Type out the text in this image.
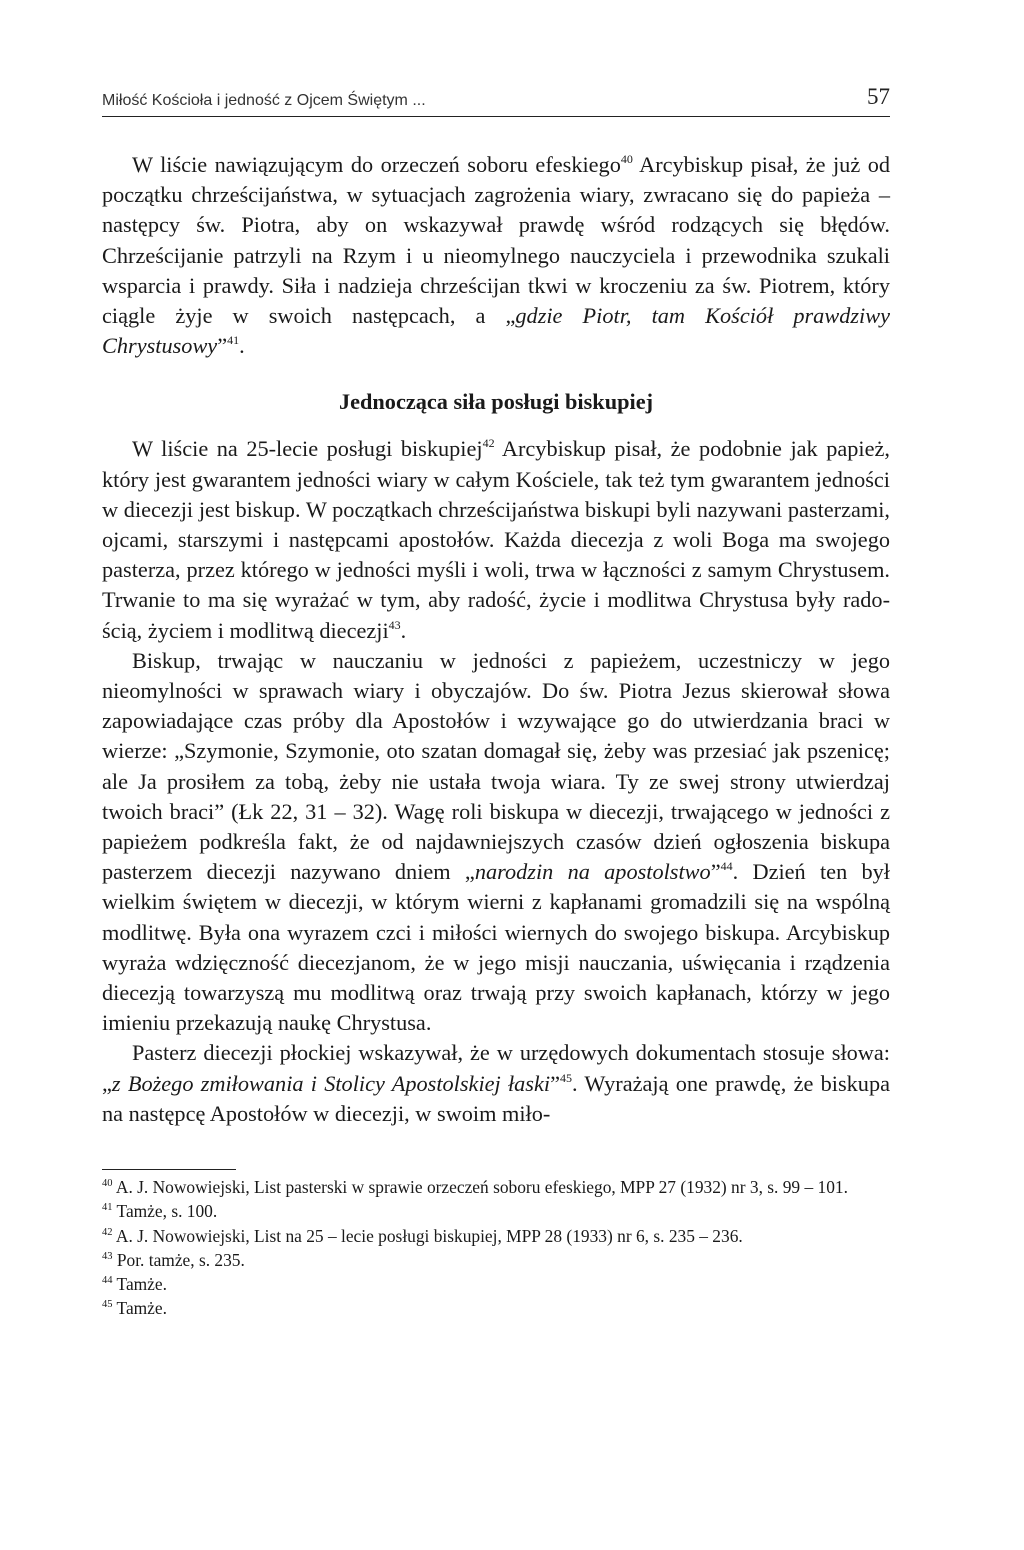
Miłość Kościoła i jedność z Ojcem Świętym ...	57

W liście nawiązującym do orzeczeń soboru efeskiego$^{40}$ Arcybiskup pisał, że już od początku chrześcijaństwa, w sytuacjach zagrożenia wiary, zwracano się do papieża – następcy św. Piotra, aby on wskazywał prawdę wśród rodzących się błędów. Chrześcijanie patrzyli na Rzym i u nieomylnego nauczyciela i przewodnika szukali wsparcia i prawdy. Siła i nadzieja chrześcijan tkwi w kroczeniu za św. Piotrem, który ciągle żyje w swoich następcach, a „gdzie Piotr, tam Kościół prawdziwy Chrystusowy”$^{41}$.

Jednocząca siła posługi biskupiej

W liście na 25-lecie posługi biskupiej$^{42}$ Arcybiskup pisał, że podobnie jak papież, który jest gwarantem jedności wiary w całym Kościele, tak też tym gwarantem jedności w diecezji jest biskup. W początkach chrześcijaństwa biskupi byli nazywani pasterzami, ojcami, starszymi i następcami apostołów. Każda diecezja z woli Boga ma swojego pasterza, przez którego w jedności myśli i woli, trwa w łączności z samym Chrystusem. Trwanie to ma się wyrażać w tym, aby radość, życie i modlitwa Chrystusa były radością, życiem i modlitwą diecezji$^{43}$.

Biskup, trwając w nauczaniu w jedności z papieżem, uczestniczy w jego nieomylności w sprawach wiary i obyczajów. Do św. Piotra Jezus skierował słowa zapowiadające czas próby dla Apostołów i wzywające go do utwierdzania braci w wierze: „Szymonie, Szymonie, oto szatan domagał się, żeby was przesiać jak pszenicę; ale Ja prosiłem za tobą, żeby nie ustała twoja wiara. Ty ze swej strony utwierdzaj twoich braci” (Łk 22, 31 – 32). Wagę roli biskupa w diecezji, trwającego w jedności z papieżem podkreśla fakt, że od najdawniejszych czasów dzień ogłoszenia biskupa pasterzem diecezji nazywano dniem „narodzin na apostolstwo”$^{44}$. Dzień ten był wielkim świętem w diecezji, w którym wierni z kapłanami gromadzili się na wspólną modlitwę. Była ona wyrazem czci i miłości wiernych do swojego biskupa. Arcybiskup wyraża wdzięczność diecezjanom, że w jego misji nauczania, uświęcania i rządzenia diecezją towarzyszą mu modlitwą oraz trwają przy swoich kapłanach, którzy w jego imieniu przekazują naukę Chrystusa.

Pasterz diecezji płockiej wskazywał, że w urzędowych dokumentach stosuje słowa: „z Bożego zmiłowania i Stolicy Apostolskiej łaski”$^{45}$. Wyrażają one prawdę, że biskupa na następcę Apostołów w diecezji, w swoim miło-

$^{40}$ A. J. Nowowiejski, List pasterski w sprawie orzeczeń soboru efeskiego, MPP 27 (1932) nr 3, s. 99 – 101.

$^{41}$ Tamże, s. 100.

$^{42}$ A. J. Nowowiejski, List na 25 – lecie posługi biskupiej, MPP 28 (1933) nr 6, s. 235 – 236.

$^{43}$ Por. tamże, s. 235.

$^{44}$ Tamże.

$^{45}$ Tamże.
